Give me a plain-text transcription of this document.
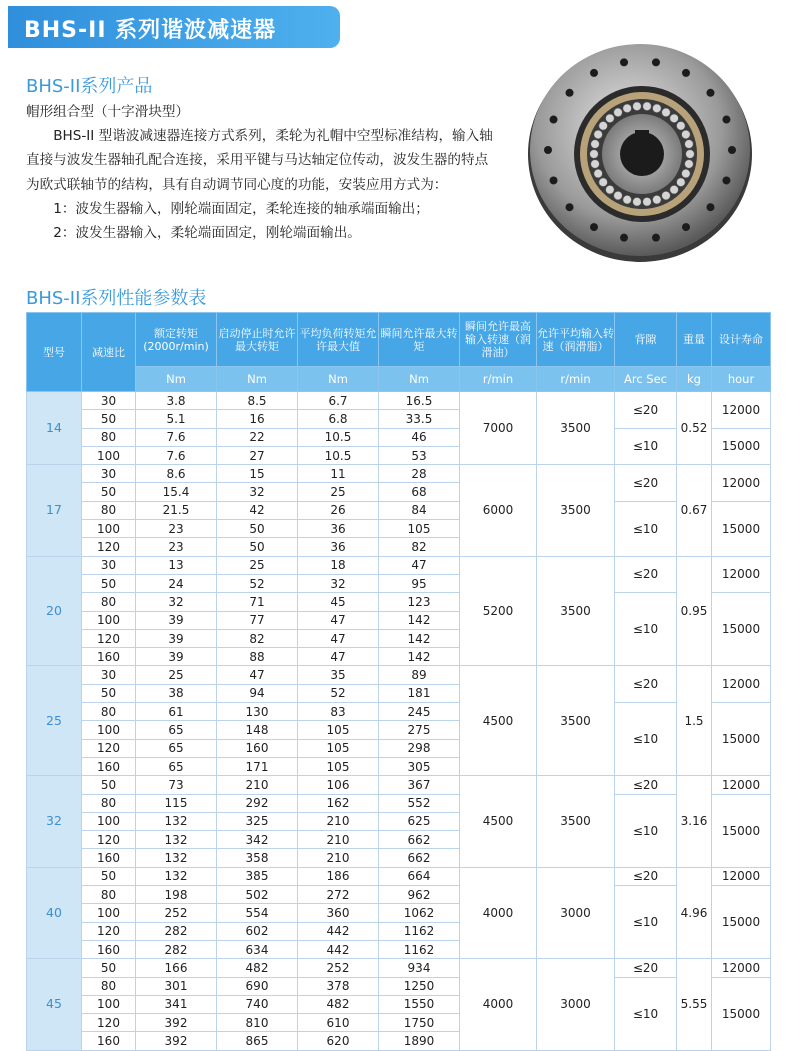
BHS-II 系列谐波减速器
BHS-II系列产品

帽形组合型（十字滑块型）

BHS-II 型谐波减速器连接方式系列，柔轮为礼帽中空型标准结构，输入轴直接与波发生器轴孔配合连接，采用平键与马达轴定位传动，波发生器的特点为欧式联轴节的结构，具有自动调节同心度的功能，安装应用方式为：

1：波发生器输入，刚轮端面固定，柔轮连接的轴承端面输出；

2：波发生器输入，柔轮端面固定，刚轮端面输出。

BHS-II系列性能参数表
型号	减速比	额定转矩 (2000r/min)	启动停止时允许最大转矩	平均负荷转矩允许最大值	瞬间允许最大转矩	瞬间允许最高输入转速（润滑油）	允许平均输入转速（润滑脂）	背隙	重量	设计寿命
		Nm	Nm	Nm	Nm	r/min	r/min	Arc Sec	kg	hour
14	30	3.8	8.5	6.7	16.5	7000	3500	≤20	0.52	12000
	50	5.1	16	6.8	33.5					
	80	7.6	22	10.5	46			≤10		15000
	100	7.6	27	10.5	53					
17	30	8.6	15	11	28	6000	3500	≤20	0.67	12000
	50	15.4	32	25	68					
	80	21.5	42	26	84			≤10		15000
	100	23	50	36	105					
	120	23	50	36	82					
20	30	13	25	18	47	5200	3500	≤20	0.95	12000
	50	24	52	32	95					
	80	32	71	45	123			≤10		15000
	100	39	77	47	142					
	120	39	82	47	142					
	160	39	88	47	142					
25	30	25	47	35	89	4500	3500	≤20	1.5	12000
	50	38	94	52	181					
	80	61	130	83	245			≤10		15000
	100	65	148	105	275					
	120	65	160	105	298					
	160	65	171	105	305					
32	50	73	210	106	367	4500	3500	≤20	3.16	12000
	80	115	292	162	552			≤10		15000
	100	132	325	210	625					
	120	132	342	210	662					
	160	132	358	210	662					
40	50	132	385	186	664	4000	3000	≤20	4.96	12000
	80	198	502	272	962			≤10		15000
	100	252	554	360	1062					
	120	282	602	442	1162					
	160	282	634	442	1162					
45	50	166	482	252	934	4000	3000	≤20	5.55	12000
	80	301	690	378	1250			≤10		15000
	100	341	740	482	1550					
	120	392	810	610	1750					
	160	392	865	620	1890					
